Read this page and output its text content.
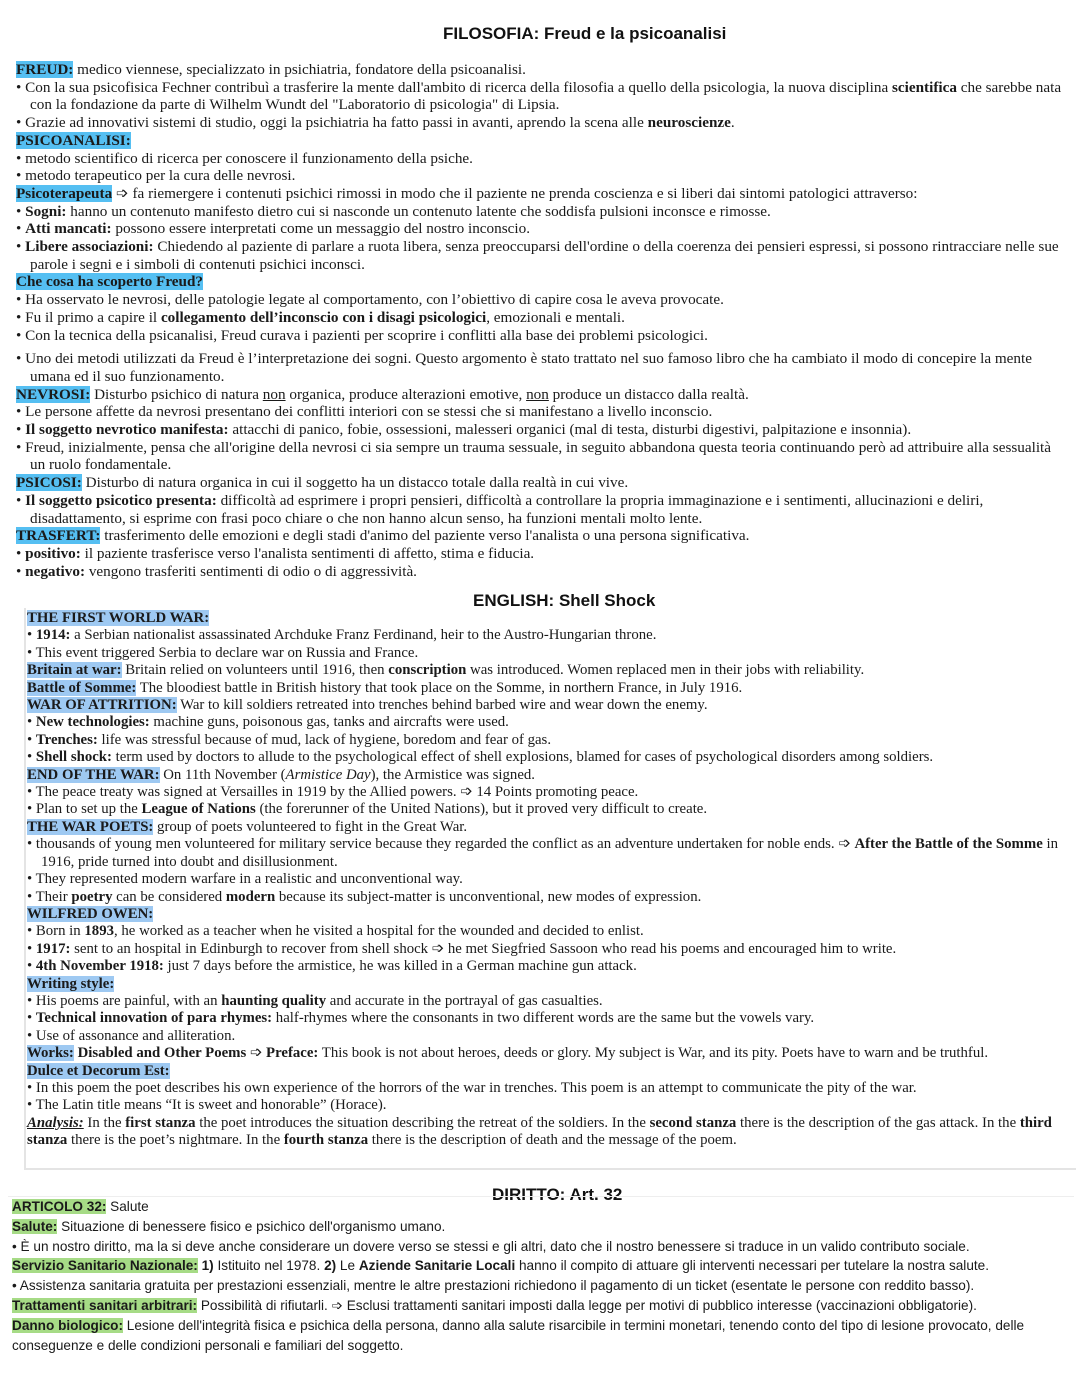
FILOSOFIA: Freud e la psicoanalisi

FREUD: medico viennese, specializzato in psichiatria, fondatore della psicoanalisi.

• Con la sua psicofisica Fechner contribuì a trasferire la mente dall'ambito di ricerca della filosofia a quello della psicologia, la nuova disciplina scientifica che sarebbe nata con la fondazione da parte di Wilhelm Wundt del "Laboratorio di psicologia" di Lipsia.

• Grazie ad innovativi sistemi di studio, oggi la psichiatria ha fatto passi in avanti, aprendo la scena alle neuroscienze.

PSICOANALISI:

• metodo scientifico di ricerca per conoscere il funzionamento della psiche.

• metodo terapeutico per la cura delle nevrosi.

Psicoterapeuta ➩ fa riemergere i contenuti psichici rimossi in modo che il paziente ne prenda coscienza e si liberi dai sintomi patologici attraverso:

• Sogni: hanno un contenuto manifesto dietro cui si nasconde un contenuto latente che soddisfa pulsioni inconsce e rimosse.

• Atti mancati: possono essere interpretati come un messaggio del nostro inconscio.

• Libere associazioni: Chiedendo al paziente di parlare a ruota libera, senza preoccuparsi dell'ordine o della coerenza dei pensieri espressi, si possono rintracciare nelle sue parole i segni e i simboli di contenuti psichici inconsci.

Che cosa ha scoperto Freud?

• Ha osservato le nevrosi, delle patologie legate al comportamento, con l’obiettivo di capire cosa le aveva provocate.

• Fu il primo a capire il collegamento dell’inconscio con i disagi psicologici, emozionali e mentali.

• Con la tecnica della psicanalisi, Freud curava i pazienti per scoprire i conflitti alla base dei problemi psicologici.

• Uno dei metodi utilizzati da Freud è l’interpretazione dei sogni. Questo argomento è stato trattato nel suo famoso libro che ha cambiato il modo di concepire la mente umana ed il suo funzionamento.

NEVROSI: Disturbo psichico di natura non organica, produce alterazioni emotive, non produce un distacco dalla realtà.

• Le persone affette da nevrosi presentano dei conflitti interiori con se stessi che si manifestano a livello inconscio.

• Il soggetto nevrotico manifesta: attacchi di panico, fobie, ossessioni, malesseri organici (mal di testa, disturbi digestivi, palpitazione e insonnia).

• Freud, inizialmente, pensa che all'origine della nevrosi ci sia sempre un trauma sessuale, in seguito abbandona questa teoria continuando però ad attribuire alla sessualità un ruolo fondamentale.

PSICOSI: Disturbo di natura organica in cui il soggetto ha un distacco totale dalla realtà in cui vive.

• Il soggetto psicotico presenta: difficoltà ad esprimere i propri pensieri, difficoltà a controllare la propria immaginazione e i sentimenti, allucinazioni e deliri, disadattamento, si esprime con frasi poco chiare o che non hanno alcun senso, ha funzioni mentali molto lente.

TRASFERT: trasferimento delle emozioni e degli stadi d'animo del paziente verso l'analista o una persona significativa.

• positivo: il paziente trasferisce verso l'analista sentimenti di affetto, stima e fiducia.

• negativo: vengono trasferiti sentimenti di odio o di aggressività.

ENGLISH: Shell Shock

THE FIRST WORLD WAR:

• 1914: a Serbian nationalist assassinated Archduke Franz Ferdinand, heir to the Austro-Hungarian throne.

• This event triggered Serbia to declare war on Russia and France.

Britain at war: Britain relied on volunteers until 1916, then conscription was introduced. Women replaced men in their jobs with reliability.

Battle of Somme: The bloodiest battle in British history that took place on the Somme, in northern France, in July 1916.

WAR OF ATTRITION: War to kill soldiers retreated into trenches behind barbed wire and wear down the enemy.

• New technologies: machine guns, poisonous gas, tanks and aircrafts were used.

• Trenches: life was stressful because of mud, lack of hygiene, boredom and fear of gas.

• Shell shock: term used by doctors to allude to the psychological effect of shell explosions, blamed for cases of psychological disorders among soldiers.

END OF THE WAR: On 11th November (Armistice Day), the Armistice was signed.

• The peace treaty was signed at Versailles in 1919 by the Allied powers. ➩ 14 Points promoting peace.

• Plan to set up the League of Nations (the forerunner of the United Nations), but it proved very difficult to create.

THE WAR POETS: group of poets volunteered to fight in the Great War.

• thousands of young men volunteered for military service because they regarded the conflict as an adventure undertaken for noble ends. ➩ After the Battle of the Somme in 1916, pride turned into doubt and disillusionment.

• They represented modern warfare in a realistic and unconventional way.

• Their poetry can be considered modern because its subject-matter is unconventional, new modes of expression.

WILFRED OWEN:

• Born in 1893, he worked as a teacher when he visited a hospital for the wounded and decided to enlist.

• 1917: sent to an hospital in Edinburgh to recover from shell shock ➩ he met Siegfried Sassoon who read his poems and encouraged him to write.

• 4th November 1918: just 7 days before the armistice, he was killed in a German machine gun attack.

Writing style:

• His poems are painful, with an haunting quality and accurate in the portrayal of gas casualties.

• Technical innovation of para rhymes: half-rhymes where the consonants in two different words are the same but the vowels vary.

• Use of assonance and alliteration.

Works: Disabled and Other Poems ➩ Preface: This book is not about heroes, deeds or glory. My subject is War, and its pity. Poets have to warn and be truthful.

Dulce et Decorum Est:

• In this poem the poet describes his own experience of the horrors of the war in trenches. This poem is an attempt to communicate the pity of the war.

• The Latin title means “It is sweet and honorable” (Horace).

Analysis: In the first stanza the poet introduces the situation describing the retreat of the soldiers. In the second stanza there is the description of the gas attack. In the third stanza there is the poet’s nightmare. In the fourth stanza there is the description of death and the message of the poem.

DIRITTO: Art. 32

ARTICOLO 32: Salute

Salute: Situazione di benessere fisico e psichico dell'organismo umano.

• È un nostro diritto, ma la si deve anche considerare un dovere verso se stessi e gli altri, dato che il nostro benessere si traduce in un valido contributo sociale.

Servizio Sanitario Nazionale: 1) Istituito nel 1978. 2) Le Aziende Sanitarie Locali hanno il compito di attuare gli interventi necessari per tutelare la nostra salute.

• Assistenza sanitaria gratuita per prestazioni essenziali, mentre le altre prestazioni richiedono il pagamento di un ticket (esentate le persone con reddito basso).

Trattamenti sanitari arbitrari: Possibilità di rifiutarli. ➩ Esclusi trattamenti sanitari imposti dalla legge per motivi di pubblico interesse (vaccinazioni obbligatorie).

Danno biologico: Lesione dell'integrità fisica e psichica della persona, danno alla salute risarcibile in termini monetari, tenendo conto del tipo di lesione provocato, delle conseguenze e delle condizioni personali e familiari del soggetto.
